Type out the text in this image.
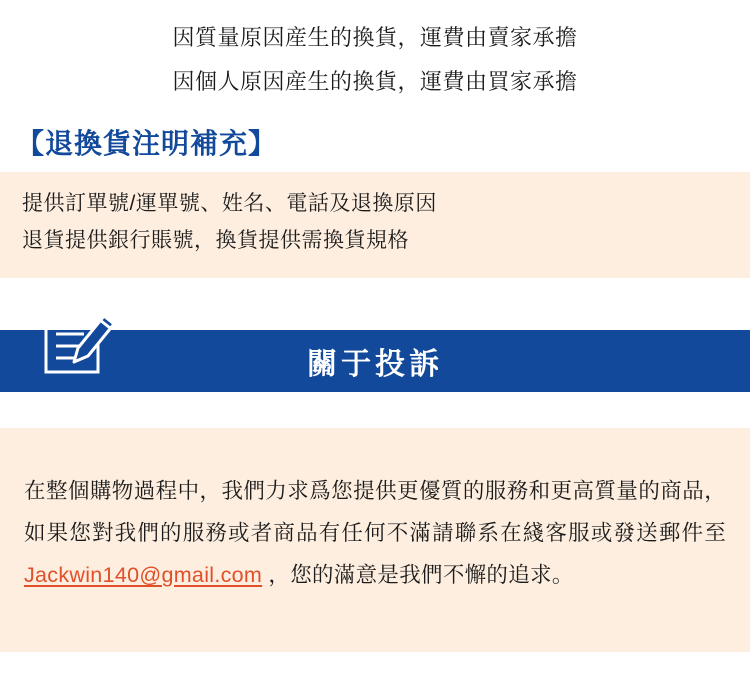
因質量原因産生的換貨，運費由賣家承擔
因個人原因産生的換貨，運費由買家承擔
【退換貨注明補充】
提供訂單號/運單號、姓名、電話及退換原因
退貨提供銀行賬號，換貨提供需換貨規格
關于投訴

在整個購物過程中，我們力求爲您提供更優質的服務和更高質量的商品，如果您對我們的服務或者商品有任何不滿請聯系在綫客服或發送郵件至 Jackwin140@gmail.com ，您的滿意是我們不懈的追求。
